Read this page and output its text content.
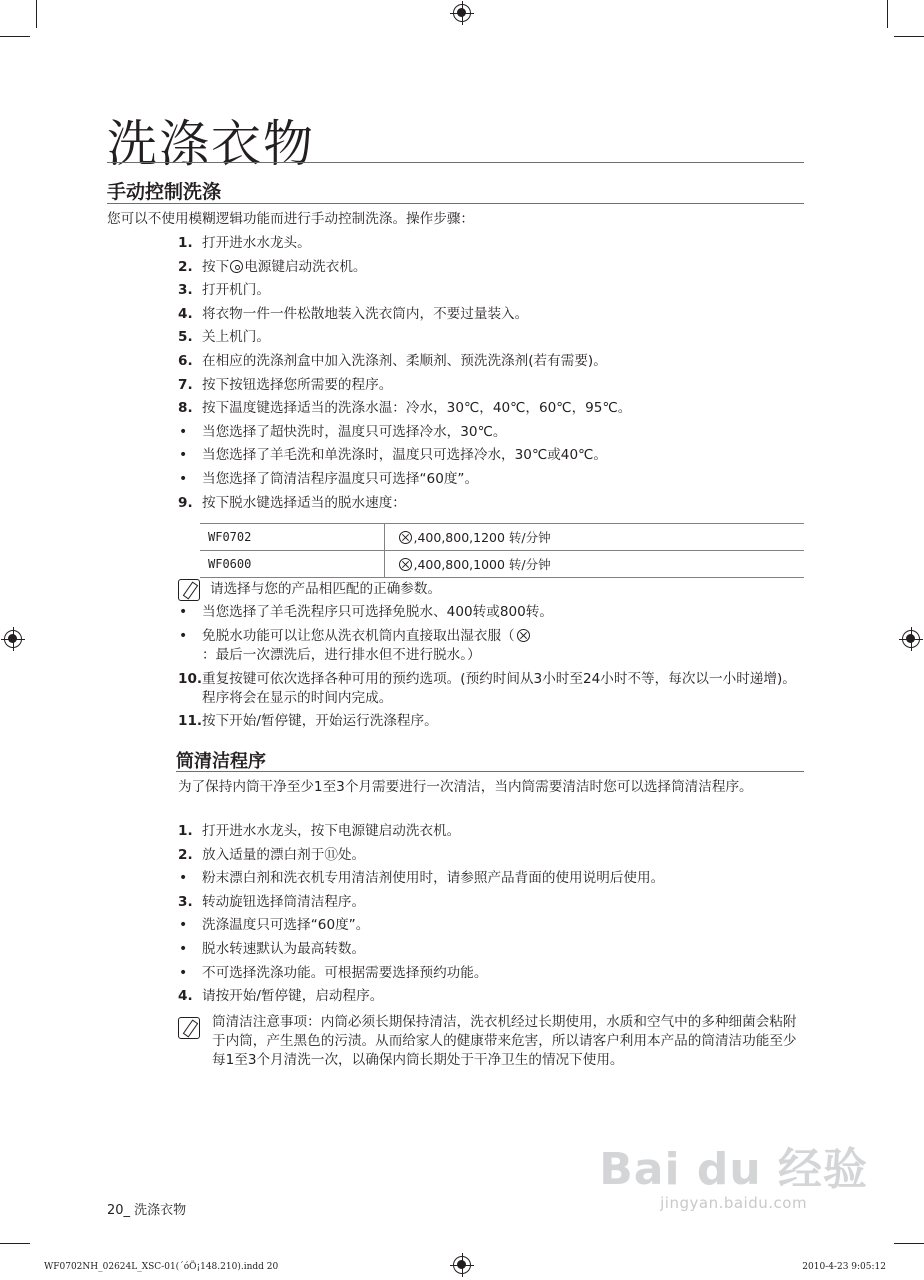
洗涤衣物
手动控制洗涤

您可以不使用模糊逻辑功能而进行手动控制洗涤。操作步骤：

1. 打开进水水龙头。
2. 按下 电源键启动洗衣机。
3. 打开机门。
4. 将衣物一件一件松散地装入洗衣筒内，不要过量装入。
5. 关上机门。
6. 在相应的洗涤剂盒中加入洗涤剂、柔顺剂、预洗洗涤剂(若有需要)。
7. 按下按钮选择您所需要的程序。
8. 按下温度键选择适当的洗涤水温：冷水，30℃，40℃，60℃，95℃。
• 当您选择了超快洗时，温度只可选择冷水，30℃。
• 当您选择了羊毛洗和单洗涤时，温度只可选择冷水，30℃或40℃。
• 当您选择了筒清洁程序温度只可选择“60度”。
9. 按下脱水键选择适当的脱水速度：
WF0702	,400,800,1200 转/分钟
WF0600	,400,800,1000 转/分钟

请选择与您的产品相匹配的正确参数。

• 当您选择了羊毛洗程序只可选择免脱水、400转或800转。
• 免脱水功能可以让您从洗衣机筒内直接取出湿衣服（：最后一次漂洗后，进行排水但不进行脱水。）
10. 重复按键可依次选择各种可用的预约选项。(预约时间从3小时至24小时不等，每次以一小时递增)。程序将会在显示的时间内完成。
11. 按下开始/暂停键，开始运行洗涤程序。
筒清洁程序

为了保持内筒干净至少1至3个月需要进行一次清洁，当内筒需要清洁时您可以选择筒清洁程序。

1. 打开进水水龙头，按下电源键启动洗衣机。
2. 放入适量的漂白剂于⑪处。
• 粉末漂白剂和洗衣机专用清洁剂使用时，请参照产品背面的使用说明后使用。
3. 转动旋钮选择筒清洁程序。
• 洗涤温度只可选择“60度”。
• 脱水转速默认为最高转数。
• 不可选择洗涤功能。可根据需要选择预约功能。
4. 请按开始/暂停键，启动程序。

筒清洁注意事项：内筒必须长期保持清洁，洗衣机经过长期使用，水质和空气中的多种细菌会粘附于内筒，产生黑色的污渍。从而给家人的健康带来危害，所以请客户利用本产品的筒清洁功能至少每1至3个月清洗一次，以确保内筒长期处于干净卫生的情况下使用。

20_ 洗涤衣物

WF0702NH_02624L_XSC-01(´óÖ¡148.210).indd 20	2010-4-23 9:05:12

Bai du 经验
jingyan.baidu.com
